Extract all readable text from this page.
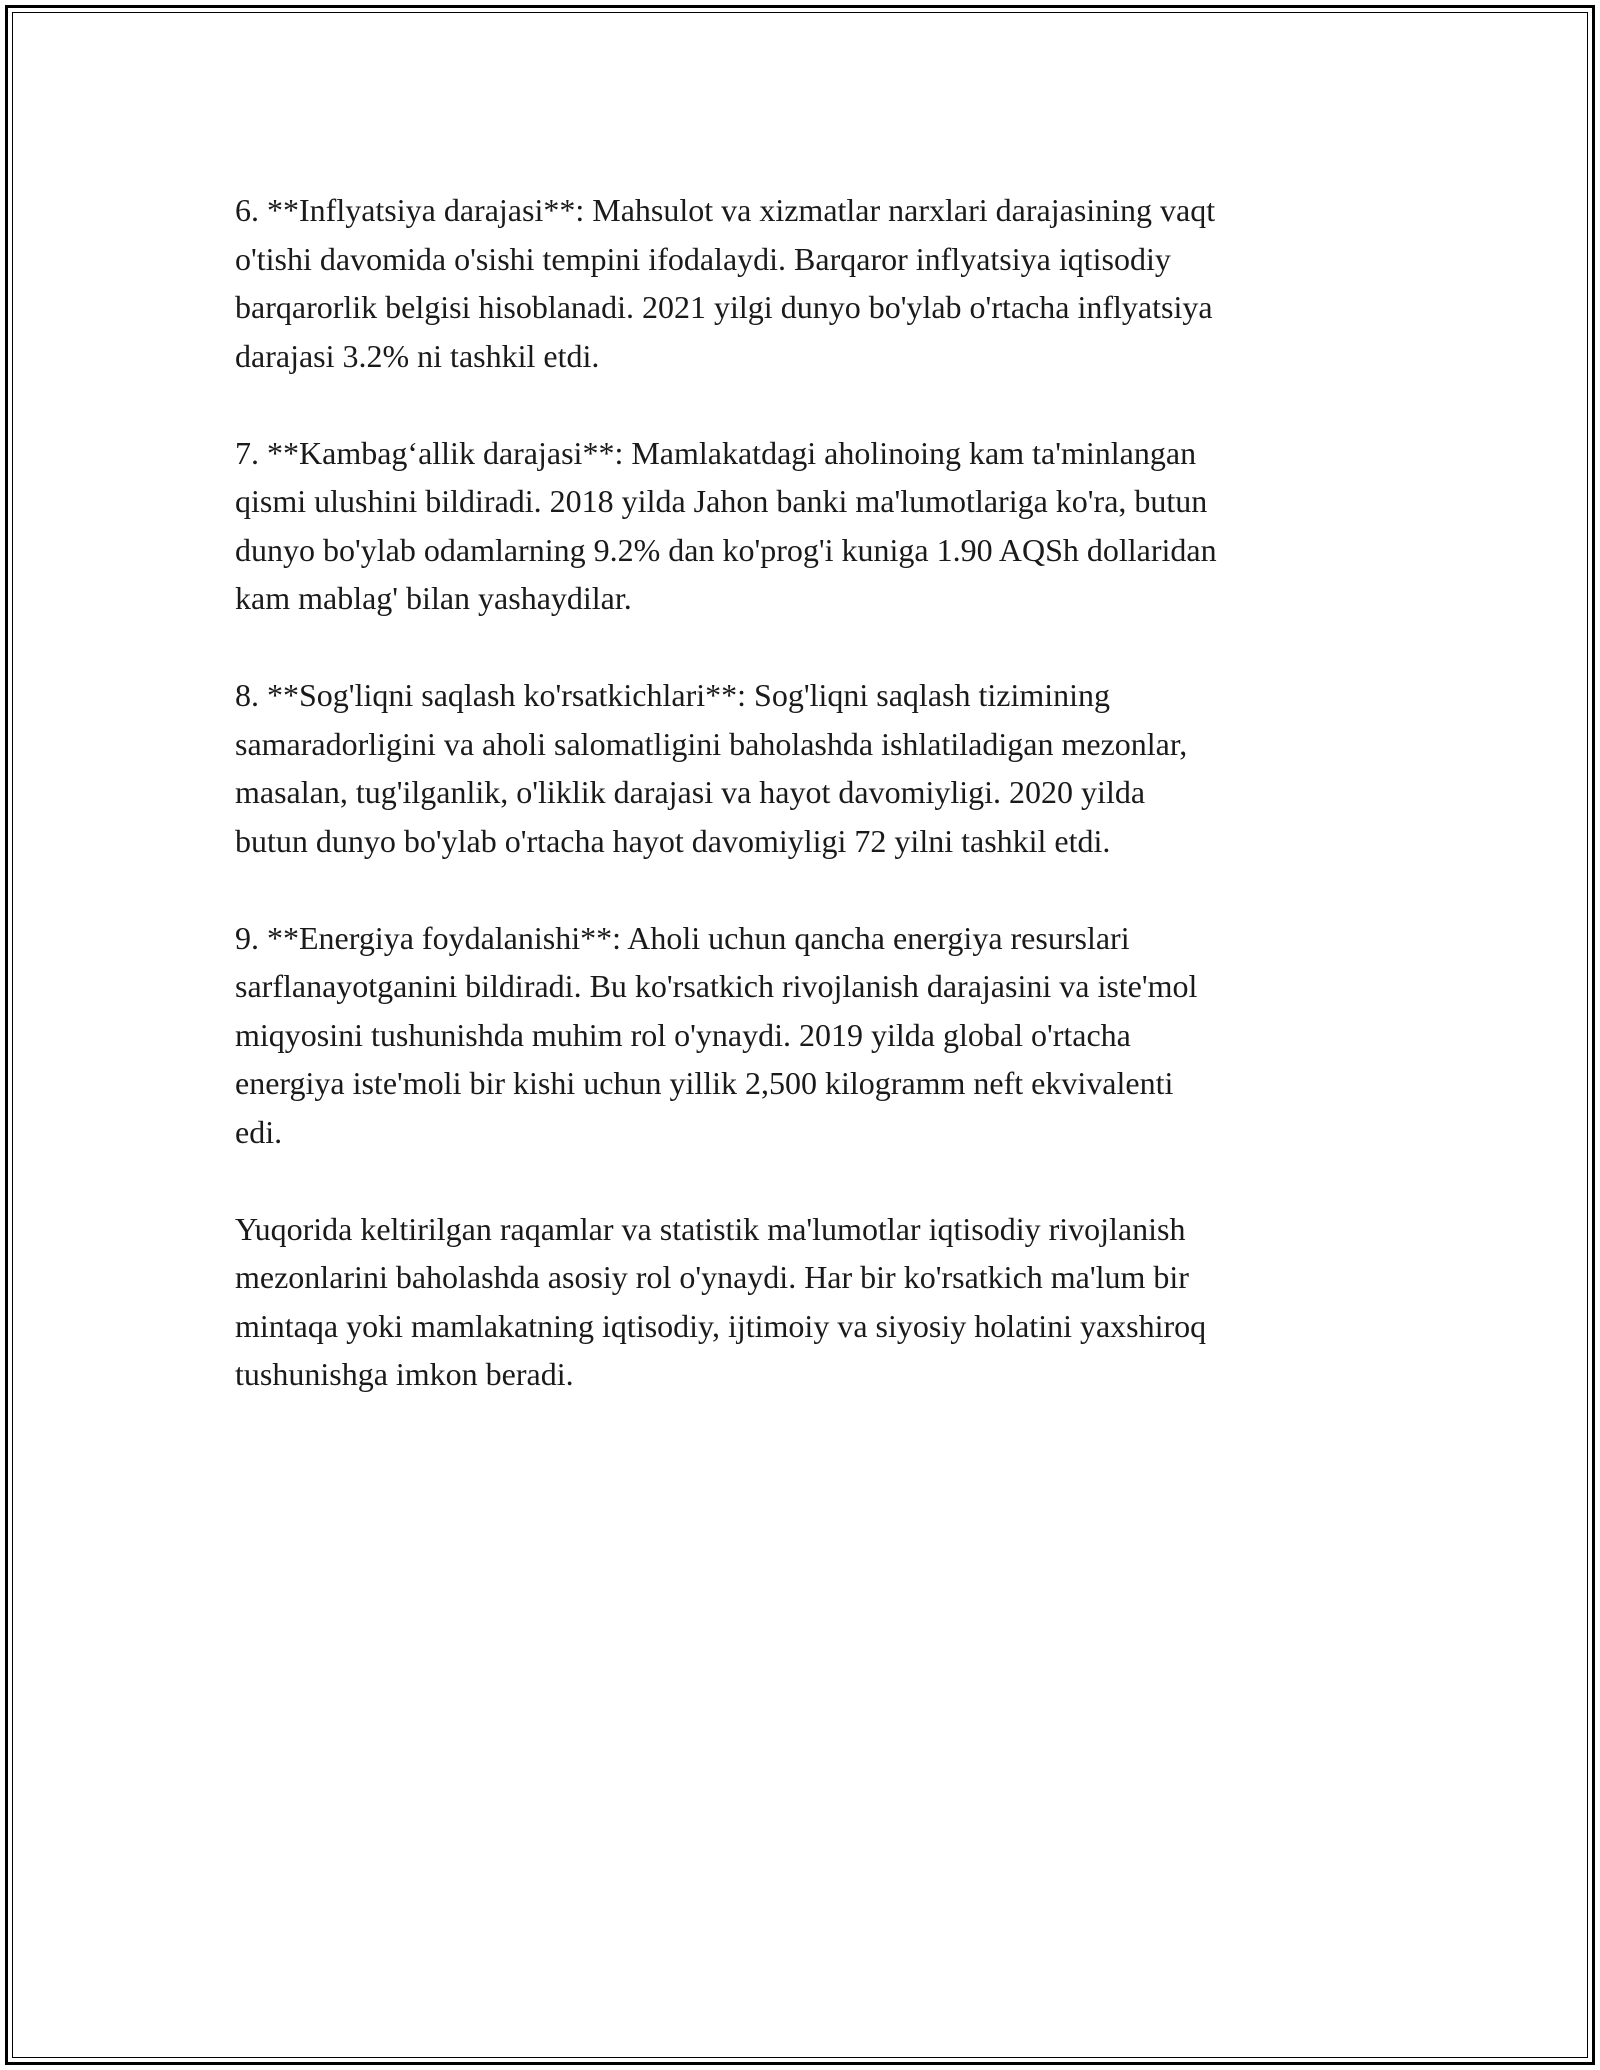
6. **Inflyatsiya darajasi**: Mahsulot va xizmatlar narxlari darajasining vaqt
o'tishi davomida o'sishi tempini ifodalaydi. Barqaror inflyatsiya iqtisodiy
barqarorlik belgisi hisoblanadi. 2021 yilgi dunyo bo'ylab o'rtacha inflyatsiya
darajasi 3.2% ni tashkil etdi.

7. **Kambagʻallik darajasi**: Mamlakatdagi aholinoing kam ta'minlangan
qismi ulushini bildiradi. 2018 yilda Jahon banki ma'lumotlariga ko'ra, butun
dunyo bo'ylab odamlarning 9.2% dan ko'prog'i kuniga 1.90 AQSh dollaridan
kam mablag' bilan yashaydilar.

8. **Sog'liqni saqlash ko'rsatkichlari**: Sog'liqni saqlash tizimining
samaradorligini va aholi salomatligini baholashda ishlatiladigan mezonlar,
masalan, tug'ilganlik, o'liklik darajasi va hayot davomiyligi. 2020 yilda
butun dunyo bo'ylab o'rtacha hayot davomiyligi 72 yilni tashkil etdi.

9. **Energiya foydalanishi**: Aholi uchun qancha energiya resurslari
sarflanayotganini bildiradi. Bu ko'rsatkich rivojlanish darajasini va iste'mol
miqyosini tushunishda muhim rol o'ynaydi. 2019 yilda global o'rtacha
energiya iste'moli bir kishi uchun yillik 2,500 kilogramm neft ekvivalenti
edi.

Yuqorida keltirilgan raqamlar va statistik ma'lumotlar iqtisodiy rivojlanish
mezonlarini baholashda asosiy rol o'ynaydi. Har bir ko'rsatkich ma'lum bir
mintaqa yoki mamlakatning iqtisodiy, ijtimoiy va siyosiy holatini yaxshiroq
tushunishga imkon beradi.
